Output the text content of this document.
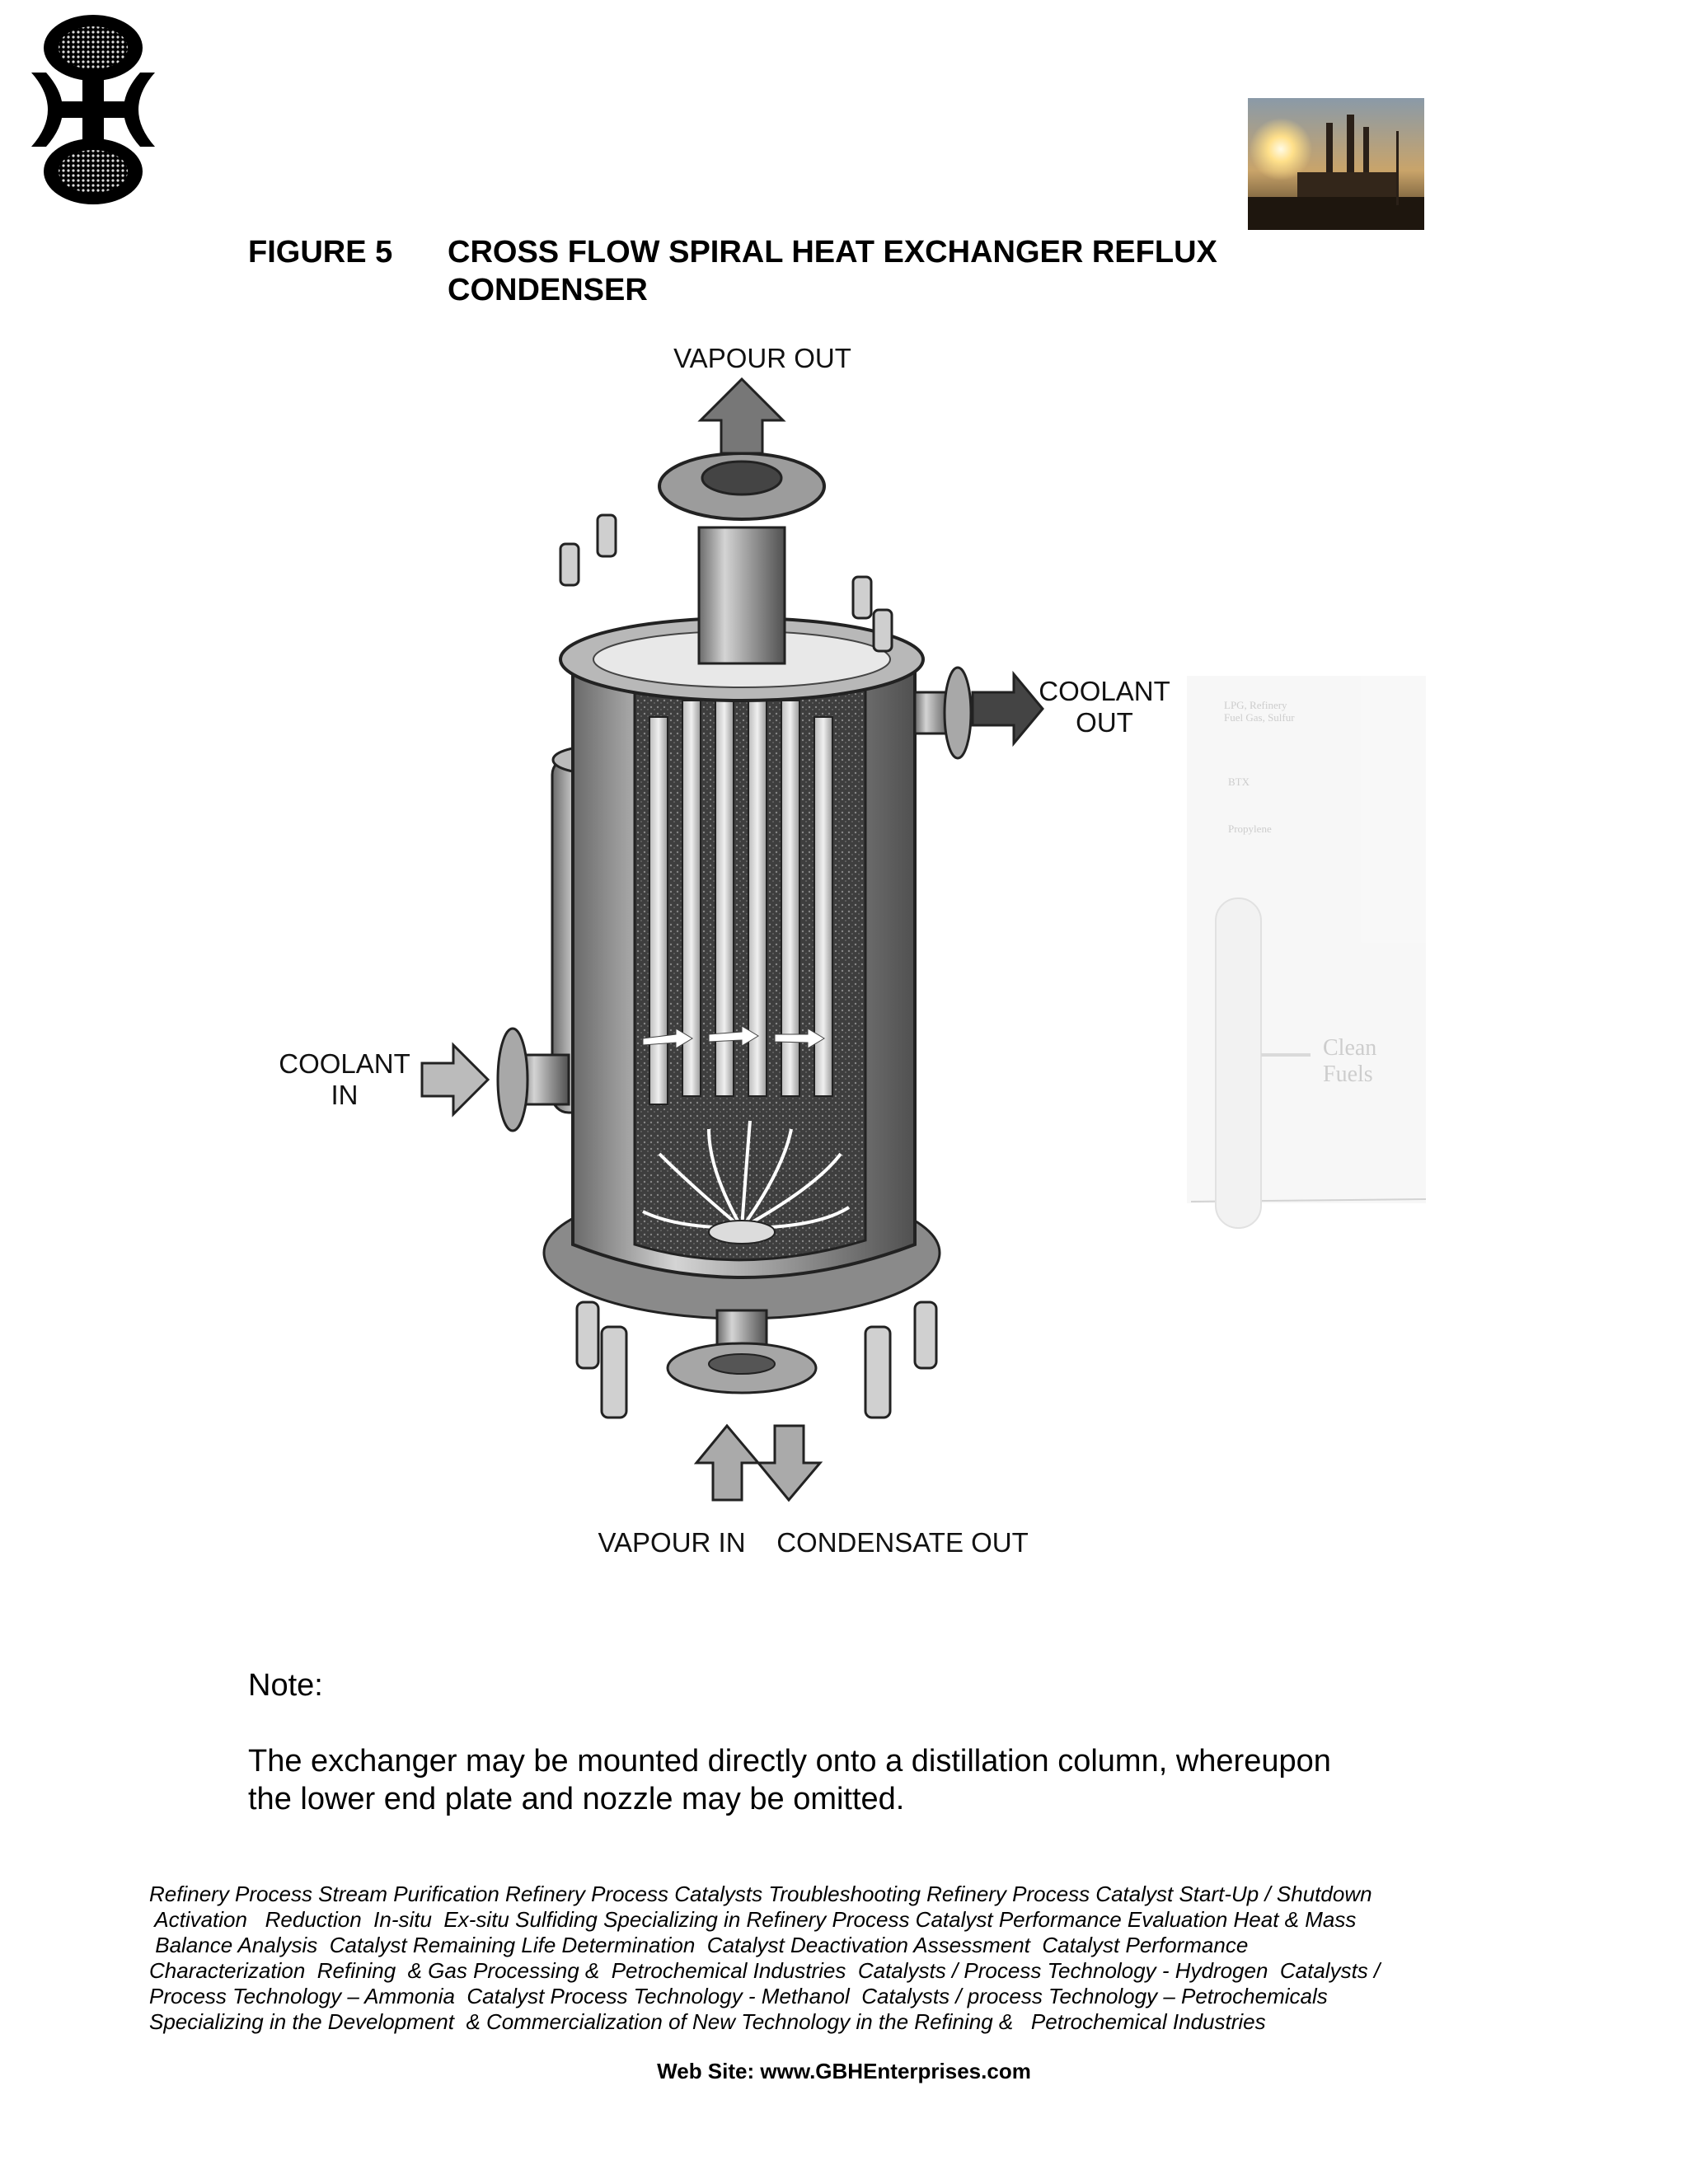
FIGURE 5 CROSS FLOW SPIRAL HEAT EXCHANGER REFLUX
CONDENSER
LPG, Refinery
Fuel Gas, Sulfur
BTX
Propylene
Clean
Fuels
VAPOUR OUT
COOLANT
OUT
COOLANT
IN
VAPOUR IN CONDENSATE OUT
Note:
The exchanger may be mounted directly onto a distillation column, whereupon
the lower end plate and nozzle may be omitted.
Refinery Process Stream Purification Refinery Process Catalysts Troubleshooting Refinery Process Catalyst Start-Up / Shutdown
Activation   Reduction  In-situ  Ex-situ Sulfiding Specializing in Refinery Process Catalyst Performance Evaluation Heat & Mass
Balance Analysis  Catalyst Remaining Life Determination  Catalyst Deactivation Assessment  Catalyst Performance
Characterization  Refining  & Gas Processing &  Petrochemical Industries  Catalysts / Process Technology - Hydrogen  Catalysts /
Process Technology – Ammonia  Catalyst Process Technology - Methanol  Catalysts / process Technology – Petrochemicals
Specializing in the Development  & Commercialization of New Technology in the Refining &   Petrochemical Industries
Web Site: www.GBHEnterprises.com
